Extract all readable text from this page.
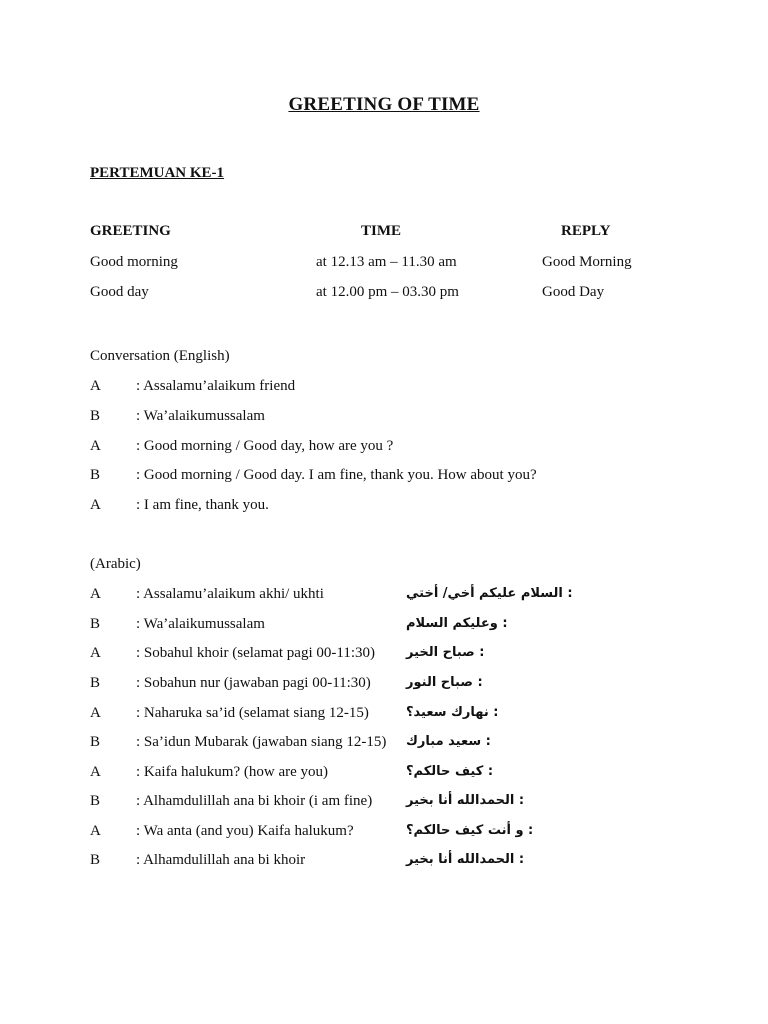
GREETING OF TIME
PERTEMUAN KE-1
GREETING	TIME	REPLY
Good morning	at 12.13 am – 11.30 am	Good Morning
Good day	at 12.00 pm – 03.30 pm	Good Day
Conversation (English)
A : Assalamu’alaikum friend
B : Wa’alaikumussalam
A : Good morning / Good day, how are you ?
B : Good morning / Good day. I am fine, thank you. How about you?
A : I am fine, thank you.
(Arabic)
A : Assalamu’alaikum akhi/ ukhti	: السلام عليكم أخي/ أختي
B : Wa’alaikumussalam	: وعليكم السلام
A : Sobahul khoir (selamat pagi 00-11:30) : صباح الخير
B : Sobahun nur (jawaban pagi 00-11:30)	: صباح النور
A : Naharuka sa’id (selamat siang 12-15)	: نهارك سعيد؟
B : Sa’idun Mubarak (jawaban siang 12-15) : سعيد مبارك
A : Kaifa halukum? (how are you)	: كيف حالكم؟
B : Alhamdulillah ana bi khoir (i am fine)	: الحمدالله أنا بخير
A : Wa anta (and you) Kaifa halukum?	: و أنت كيف حالكم؟
B : Alhamdulillah ana bi khoir	: الحمدالله أنا بخير
